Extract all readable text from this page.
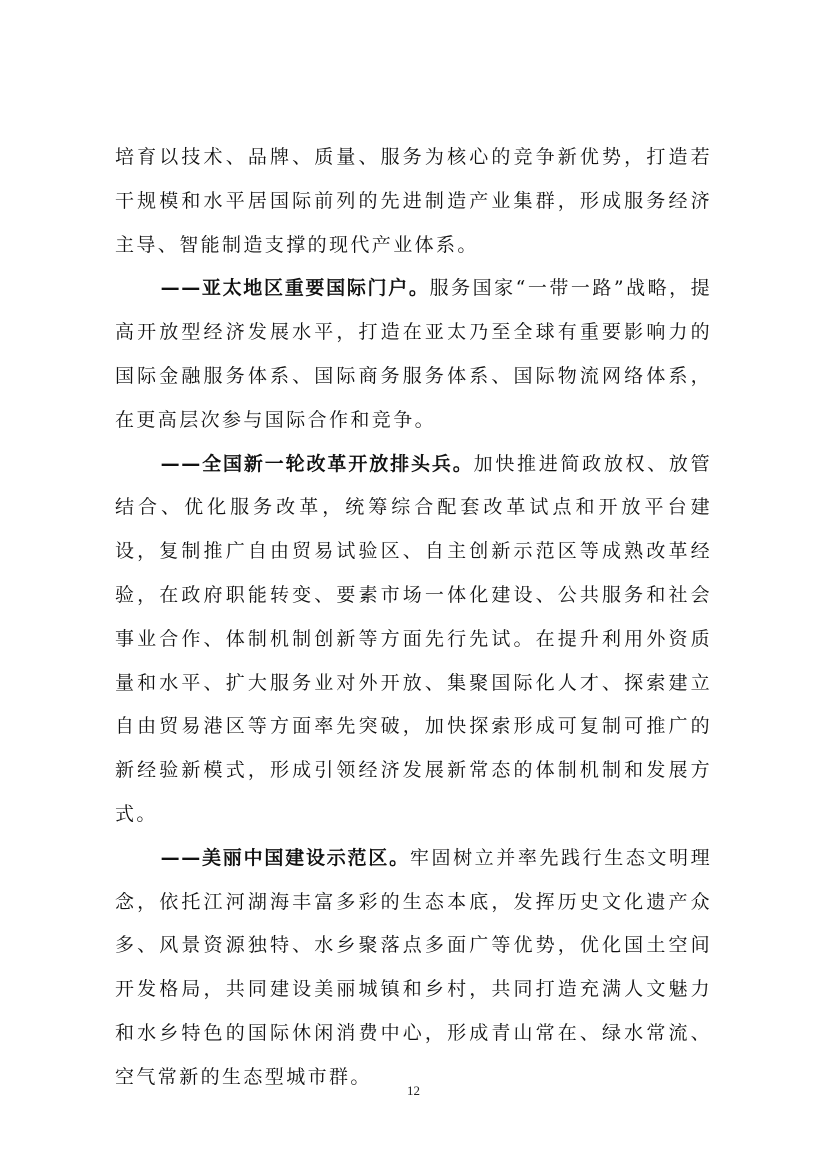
培育以技术、品牌、质量、服务为核心的竞争新优势，打造若干规模和水平居国际前列的先进制造产业集群，形成服务经济主导、智能制造支撑的现代产业体系。

——亚太地区重要国际门户。服务国家“一带一路”战略，提高开放型经济发展水平，打造在亚太乃至全球有重要影响力的国际金融服务体系、国际商务服务体系、国际物流网络体系，在更高层次参与国际合作和竞争。

——全国新一轮改革开放排头兵。加快推进简政放权、放管结合、优化服务改革，统筹综合配套改革试点和开放平台建设，复制推广自由贸易试验区、自主创新示范区等成熟改革经验，在政府职能转变、要素市场一体化建设、公共服务和社会事业合作、体制机制创新等方面先行先试。在提升利用外资质量和水平、扩大服务业对外开放、集聚国际化人才、探索建立自由贸易港区等方面率先突破，加快探索形成可复制可推广的新经验新模式，形成引领经济发展新常态的体制机制和发展方式。

——美丽中国建设示范区。牢固树立并率先践行生态文明理念，依托江河湖海丰富多彩的生态本底，发挥历史文化遗产众多、风景资源独特、水乡聚落点多面广等优势，优化国土空间开发格局，共同建设美丽城镇和乡村，共同打造充满人文魅力和水乡特色的国际休闲消费中心，形成青山常在、绿水常流、空气常新的生态型城市群。

12
